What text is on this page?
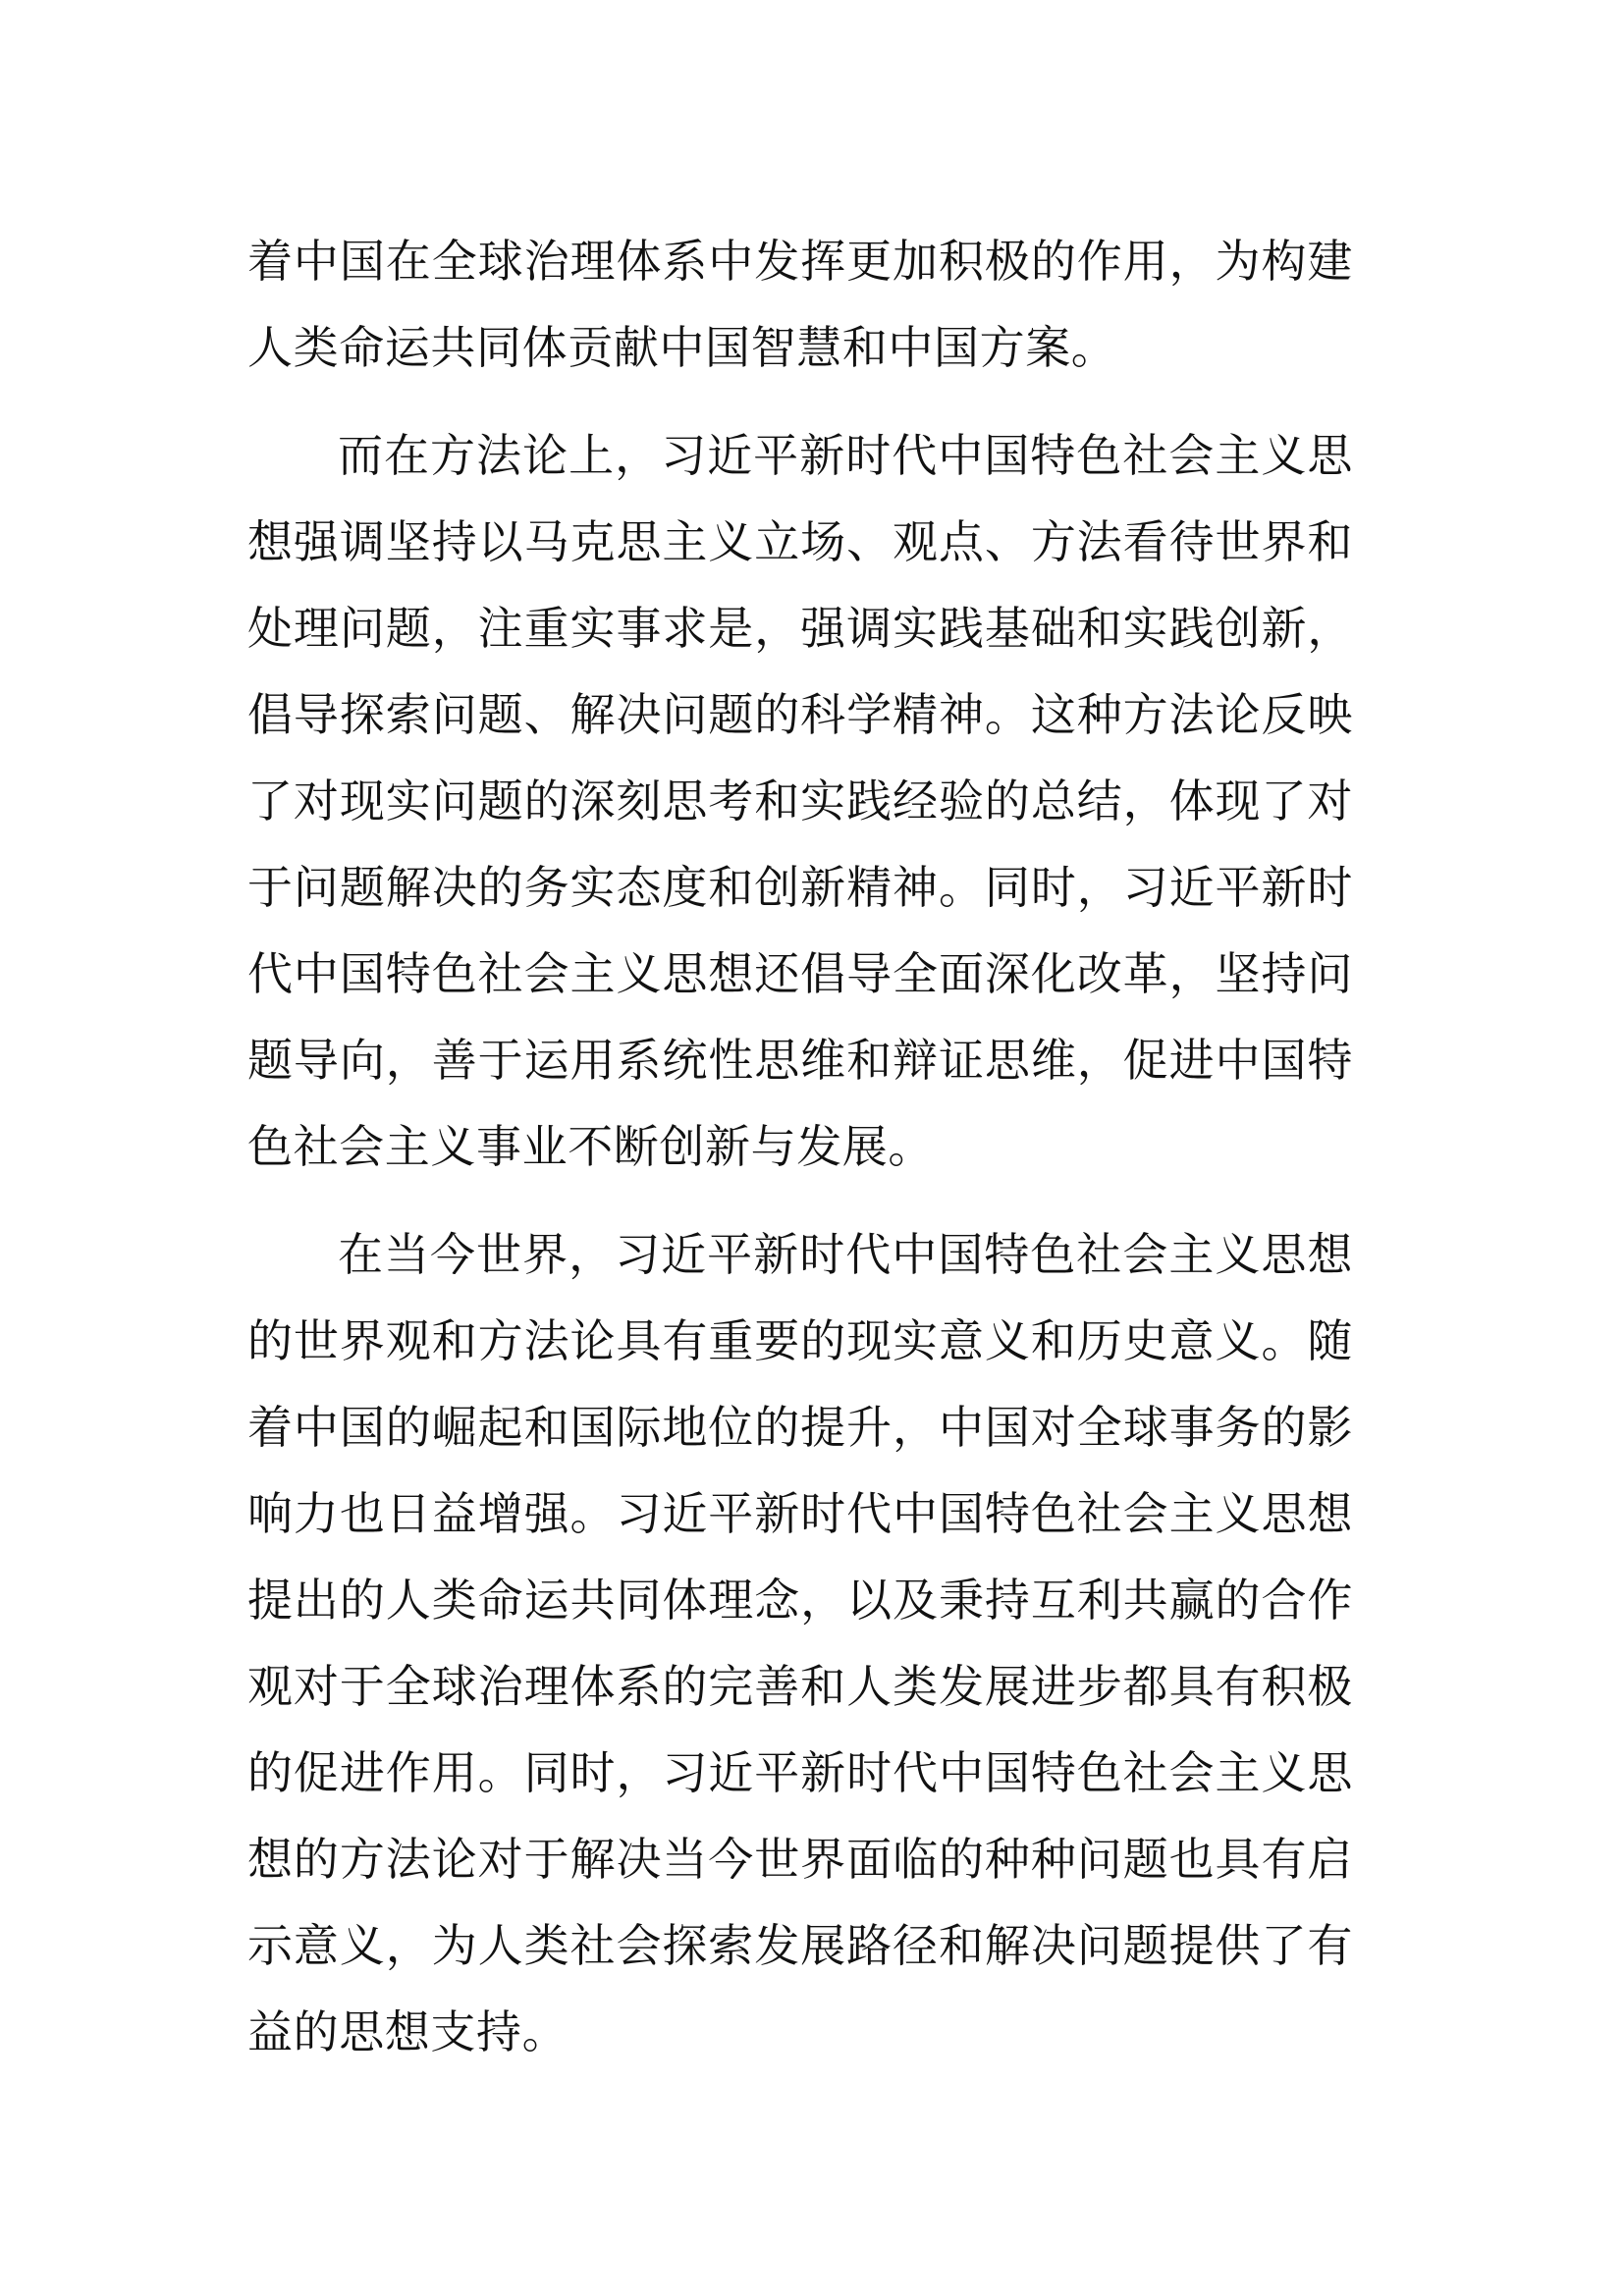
着中国在全球治理体系中发挥更加积极的作用，为构建人类命运共同体贡献中国智慧和中国方案。

而在方法论上，习近平新时代中国特色社会主义思想强调坚持以马克思主义立场、观点、方法看待世界和处理问题，注重实事求是，强调实践基础和实践创新，倡导探索问题、解决问题的科学精神。这种方法论反映了对现实问题的深刻思考和实践经验的总结，体现了对于问题解决的务实态度和创新精神。同时，习近平新时代中国特色社会主义思想还倡导全面深化改革，坚持问题导向，善于运用系统性思维和辩证思维，促进中国特色社会主义事业不断创新与发展。

在当今世界，习近平新时代中国特色社会主义思想的世界观和方法论具有重要的现实意义和历史意义。随着中国的崛起和国际地位的提升，中国对全球事务的影响力也日益增强。习近平新时代中国特色社会主义思想提出的人类命运共同体理念，以及秉持互利共赢的合作观对于全球治理体系的完善和人类发展进步都具有积极的促进作用。同时，习近平新时代中国特色社会主义思想的方法论对于解决当今世界面临的种种问题也具有启示意义，为人类社会探索发展路径和解决问题提供了有益的思想支持。
